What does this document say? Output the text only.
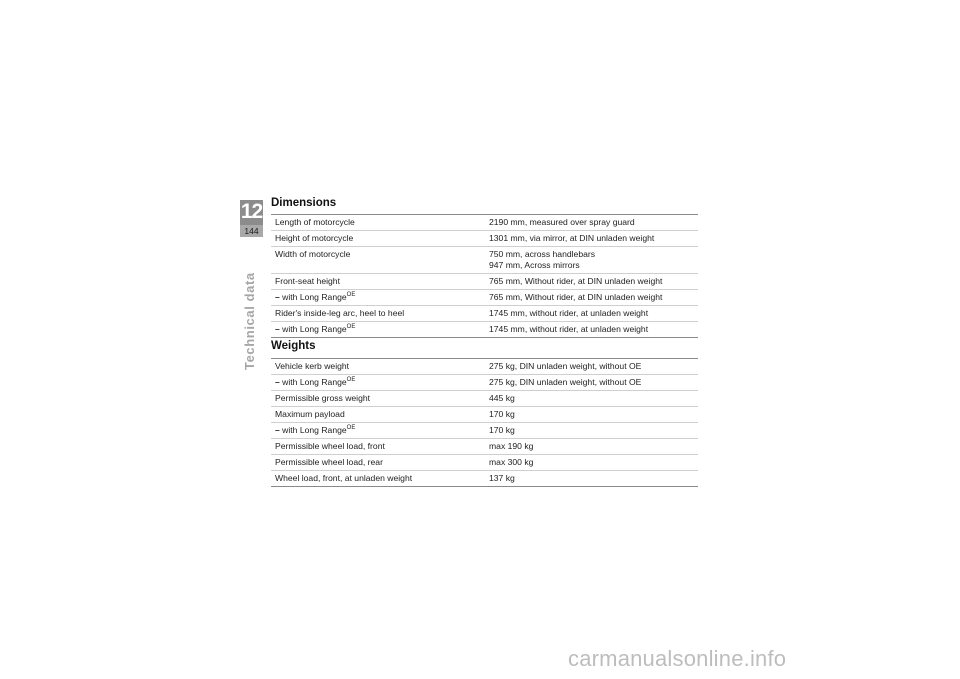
12
144
Technical data
Dimensions
Length of motorcycle	2190 mm, measured over spray guard
Height of motorcycle	1301 mm, via mirror, at DIN unladen weight
Width of motorcycle	750 mm, across handlebars
947 mm, Across mirrors

Front-seat height	765 mm, Without rider, at DIN unladen weight
– with Long Range$^{OE}$	765 mm, Without rider, at DIN unladen weight
Rider's inside-leg arc, heel to heel	1745 mm, without rider, at unladen weight
– with Long Range$^{OE}$	1745 mm, without rider, at unladen weight
Weights
Vehicle kerb weight	275 kg, DIN unladen weight, without OE
– with Long Range$^{OE}$	275 kg, DIN unladen weight, without OE
Permissible gross weight	445 kg
Maximum payload	170 kg
– with Long Range$^{OE}$	170 kg
Permissible wheel load, front	max 190 kg
Permissible wheel load, rear	max 300 kg
Wheel load, front, at unladen weight	137 kg
carmanualsonline.info
